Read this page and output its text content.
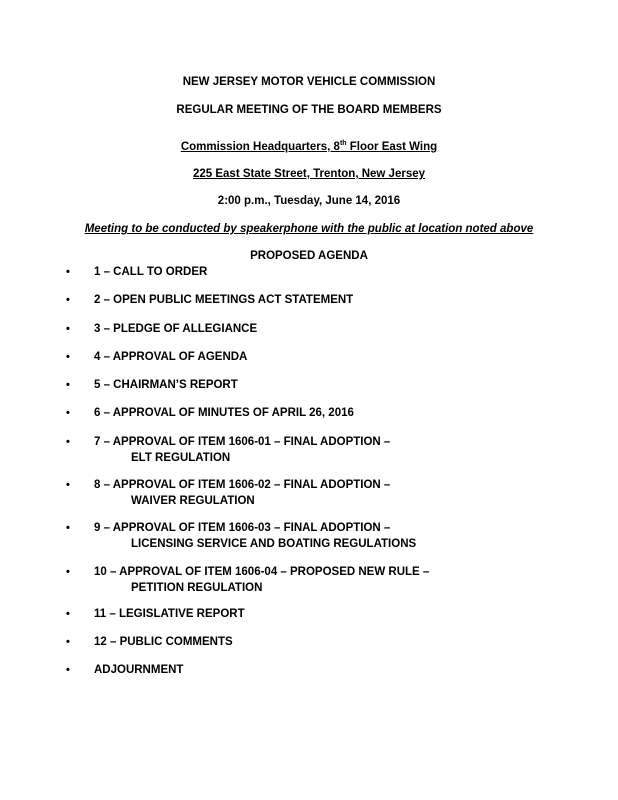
NEW JERSEY MOTOR VEHICLE COMMISSION
REGULAR MEETING OF THE BOARD MEMBERS
Commission Headquarters, 8th Floor East Wing
225 East State Street, Trenton, New Jersey
2:00 p.m., Tuesday, June 14, 2016
Meeting to be conducted by speakerphone with the public at location noted above
PROPOSED AGENDA
• 1 – CALL TO ORDER
• 2 – OPEN PUBLIC MEETINGS ACT STATEMENT
• 3 – PLEDGE OF ALLEGIANCE
• 4 – APPROVAL OF AGENDA
• 5 – CHAIRMAN’S REPORT
• 6 – APPROVAL OF MINUTES OF APRIL 26, 2016
• 7 – APPROVAL OF ITEM 1606-01 – FINAL ADOPTION –
ELT REGULATION
• 8 – APPROVAL OF ITEM 1606-02 – FINAL ADOPTION –
WAIVER REGULATION
• 9 – APPROVAL OF ITEM 1606-03 – FINAL ADOPTION –
LICENSING SERVICE AND BOATING REGULATIONS
• 10 – APPROVAL OF ITEM 1606-04 – PROPOSED NEW RULE –
PETITION REGULATION
• 11 – LEGISLATIVE REPORT
• 12 – PUBLIC COMMENTS
• ADJOURNMENT
